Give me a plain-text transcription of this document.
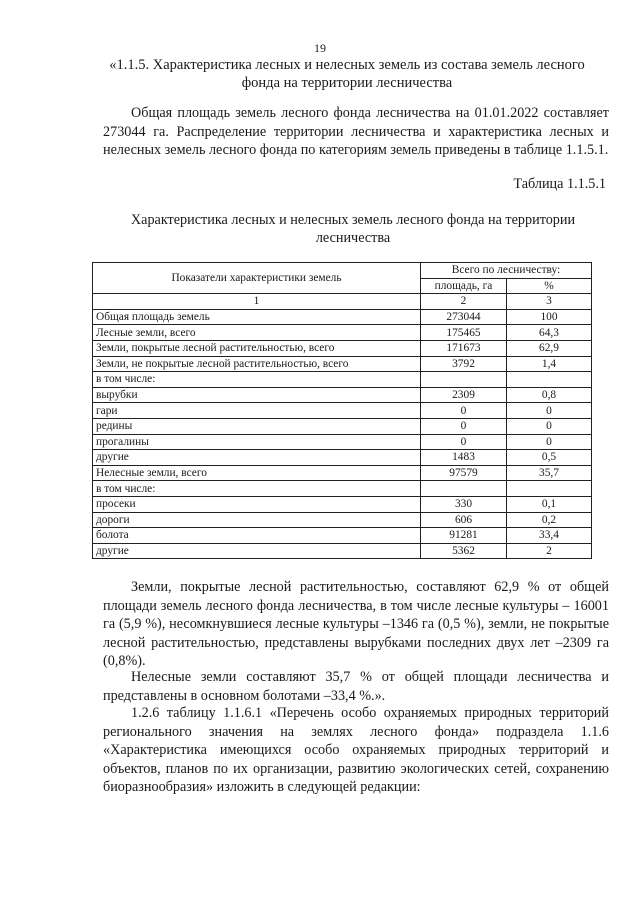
19
«1.1.5. Характеристика лесных и нелесных земель из состава земель лесного фонда на территории лесничества
Общая площадь земель лесного фонда лесничества на 01.01.2022 составляет 273044 га. Распределение территории лесничества и характеристика лесных и нелесных земель лесного фонда по категориям земель приведены в таблице 1.1.5.1.
Таблица 1.1.5.1
Характеристика лесных и нелесных земель лесного фонда на территории лесничества
Показатели характеристики земель	Всего по лесничеству:	
	площадь, га	%
1	2	3
Общая площадь земель	273044	100
Лесные земли, всего	175465	64,3
Земли, покрытые лесной растительностью, всего	171673	62,9
Земли, не покрытые лесной растительностью, всего	3792	1,4
в том числе:		
вырубки	2309	0,8
гари	0	0
редины	0	0
прогалины	0	0
другие	1483	0,5
Нелесные земли, всего	97579	35,7
в том числе:		
просеки	330	0,1
дороги	606	0,2
болота	91281	33,4
другие	5362	2
Земли, покрытые лесной растительностью, составляют 62,9 % от общей площади земель лесного фонда лесничества, в том числе лесные культуры – 16001 га (5,9 %), несомкнувшиеся лесные культуры –1346 га (0,5 %), земли, не покрытые лесной растительностью, представлены вырубками последних двух лет –2309 га (0,8%).
Нелесные земли составляют 35,7 % от общей площади лесничества и представлены в основном болотами –33,4 %.».
1.2.6 таблицу 1.1.6.1 «Перечень особо охраняемых природных территорий регионального значения на землях лесного фонда» подраздела 1.1.6 «Характеристика имеющихся особо охраняемых природных территорий и объектов, планов по их организации, развитию экологических сетей, сохранению биоразнообразия» изложить в следующей редакции:
